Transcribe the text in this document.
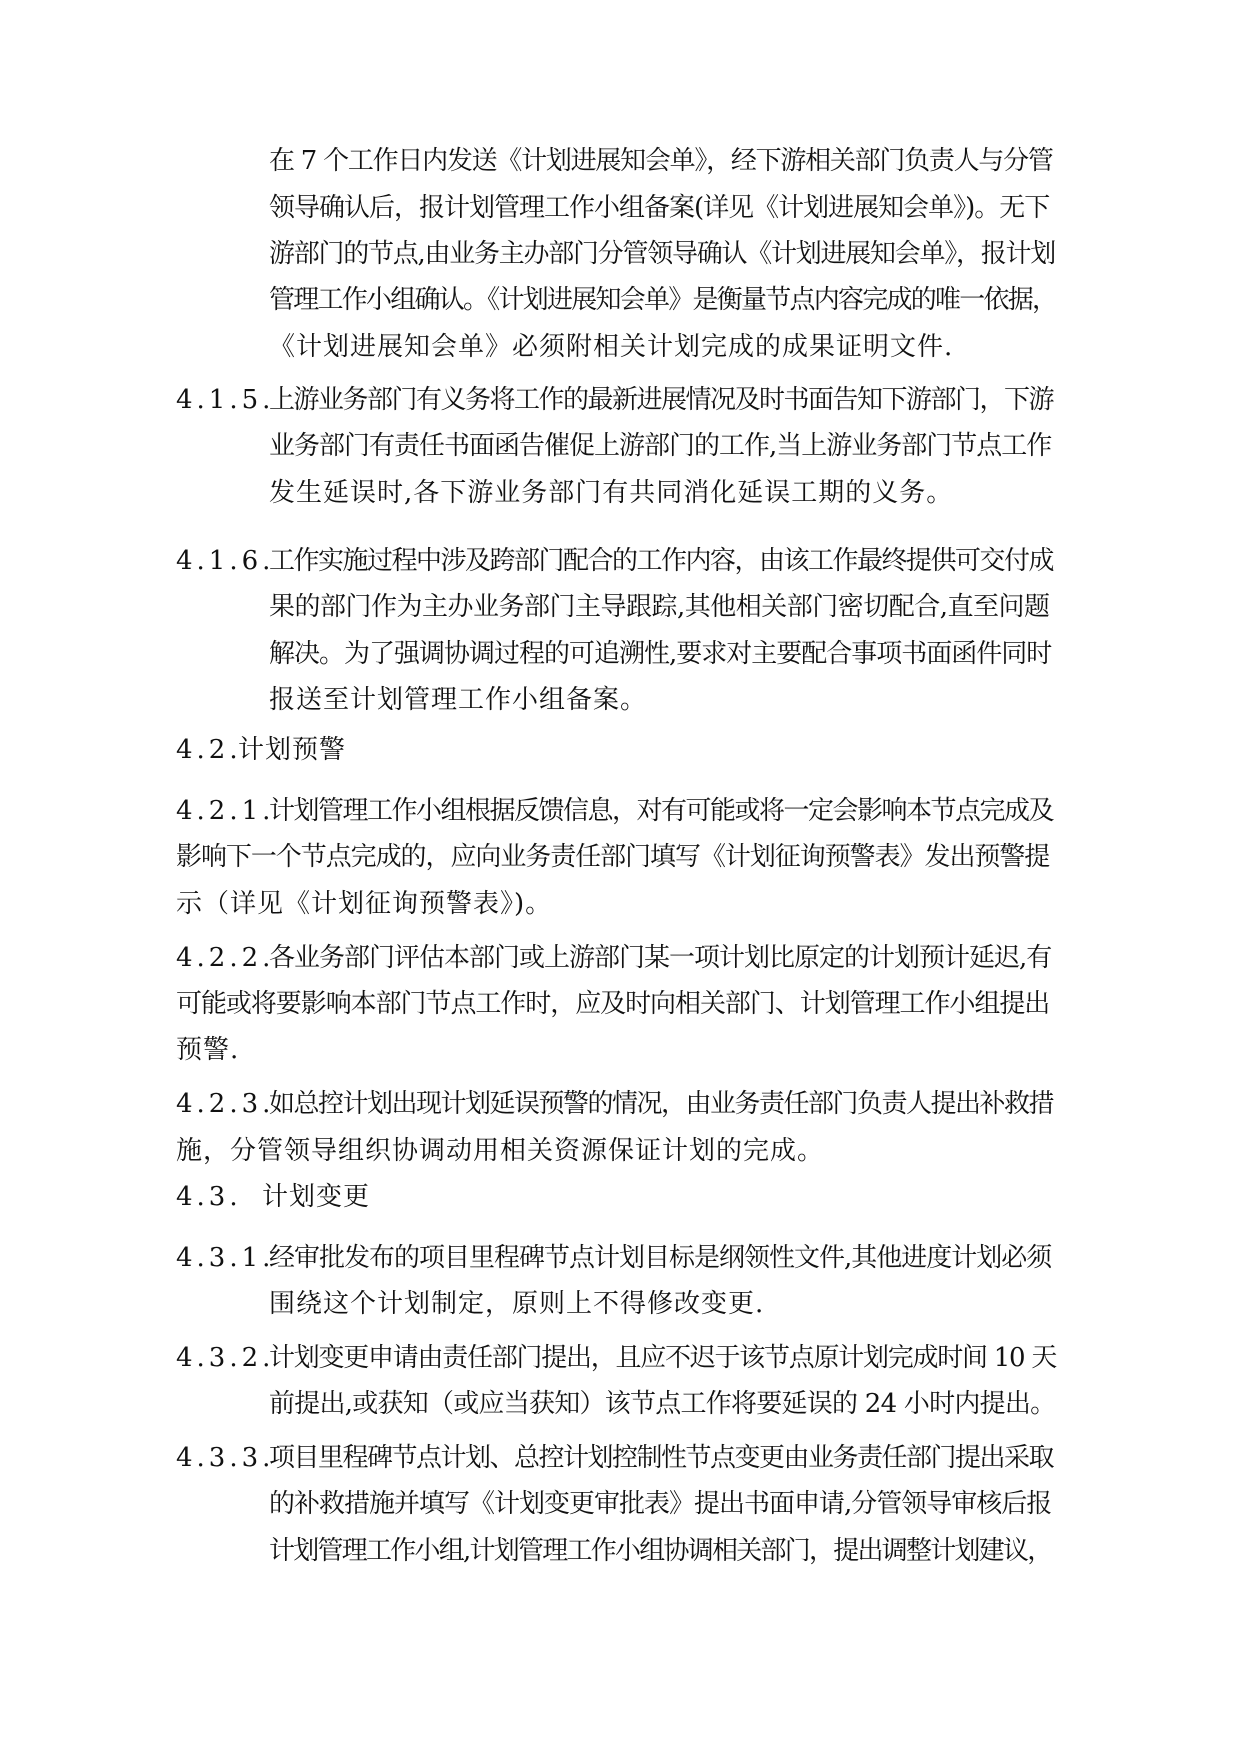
在 7 个工作日内发送《计划进展知会单》，经下游相关部门负责人与分管
领导确认后，报计划管理工作小组备案(详见《计划进展知会单》)。无下
游部门的节点,由业务主办部门分管领导确认《计划进展知会单》，报计划
管理工作小组确认。《计划进展知会单》是衡量节点内容完成的唯一依据，
《计划进展知会单》必须附相关计划完成的成果证明文件.
4.1.5.
上游业务部门有义务将工作的最新进展情况及时书面告知下游部门，下游
业务部门有责任书面函告催促上游部门的工作,当上游业务部门节点工作
发生延误时,各下游业务部门有共同消化延误工期的义务。
4.1.6.
工作实施过程中涉及跨部门配合的工作内容，由该工作最终提供可交付成
果的部门作为主办业务部门主导跟踪,其他相关部门密切配合,直至问题
解决。为了强调协调过程的可追溯性,要求对主要配合事项书面函件同时
报送至计划管理工作小组备案。
4.2.
计划预警
4.2.1.
计划管理工作小组根据反馈信息，对有可能或将一定会影响本节点完成及
影响下一个节点完成的，应向业务责任部门填写《计划征询预警表》发出预警提
示（详见《计划征询预警表》)。
4.2.2.
各业务部门评估本部门或上游部门某一项计划比原定的计划预计延迟,有
可能或将要影响本部门节点工作时，应及时向相关部门、计划管理工作小组提出
预警.
4.2.3.
如总控计划出现计划延误预警的情况，由业务责任部门负责人提出补救措
施，分管领导组织协调动用相关资源保证计划的完成。
4.3. 计划变更
4.3.1.
经审批发布的项目里程碑节点计划目标是纲领性文件,其他进度计划必须
围绕这个计划制定，原则上不得修改变更.
4.3.2.
计划变更申请由责任部门提出，且应不迟于该节点原计划完成时间 10 天
前提出,或获知（或应当获知）该节点工作将要延误的 24 小时内提出。
4.3.3.
项目里程碑节点计划、总控计划控制性节点变更由业务责任部门提出采取
的补救措施并填写《计划变更审批表》提出书面申请,分管领导审核后报
计划管理工作小组,计划管理工作小组协调相关部门，提出调整计划建议，
